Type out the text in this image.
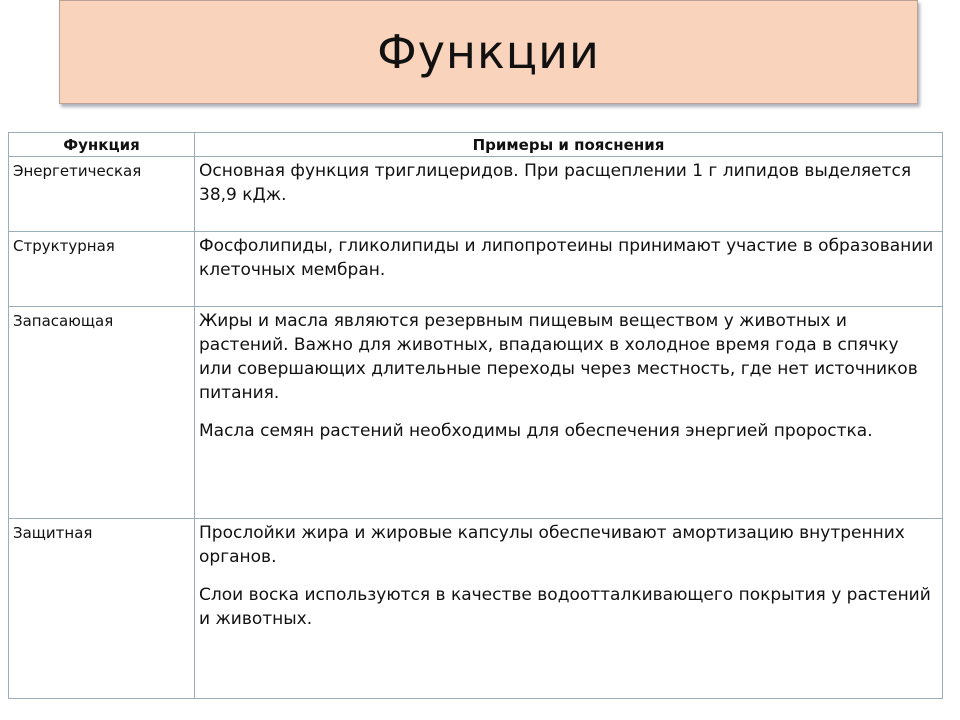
Функции
Функция	Примеры и пояснения
Энергетическая	Основная функция триглицеридов. При расщеплении 1 г липидов выделяется 38,9 кДж.

Структурная	Фосфолипиды, гликолипиды и липопротеины принимают участие в образовании клеточных мембран.

Запасающая	Жиры и масла являются резервным пищевым веществом у животных и растений. Важно для животных, впадающих в холодное время года в спячку или совершающих длительные переходы через местность, где нет источников питания.

Масла семян растений необходимы для обеспечения энергией проростка.

Защитная	Прослойки жира и жировые капсулы обеспечивают амортизацию внутренних органов.

Слои воска используются в качестве водоотталкивающего покрытия у растений и животных.
